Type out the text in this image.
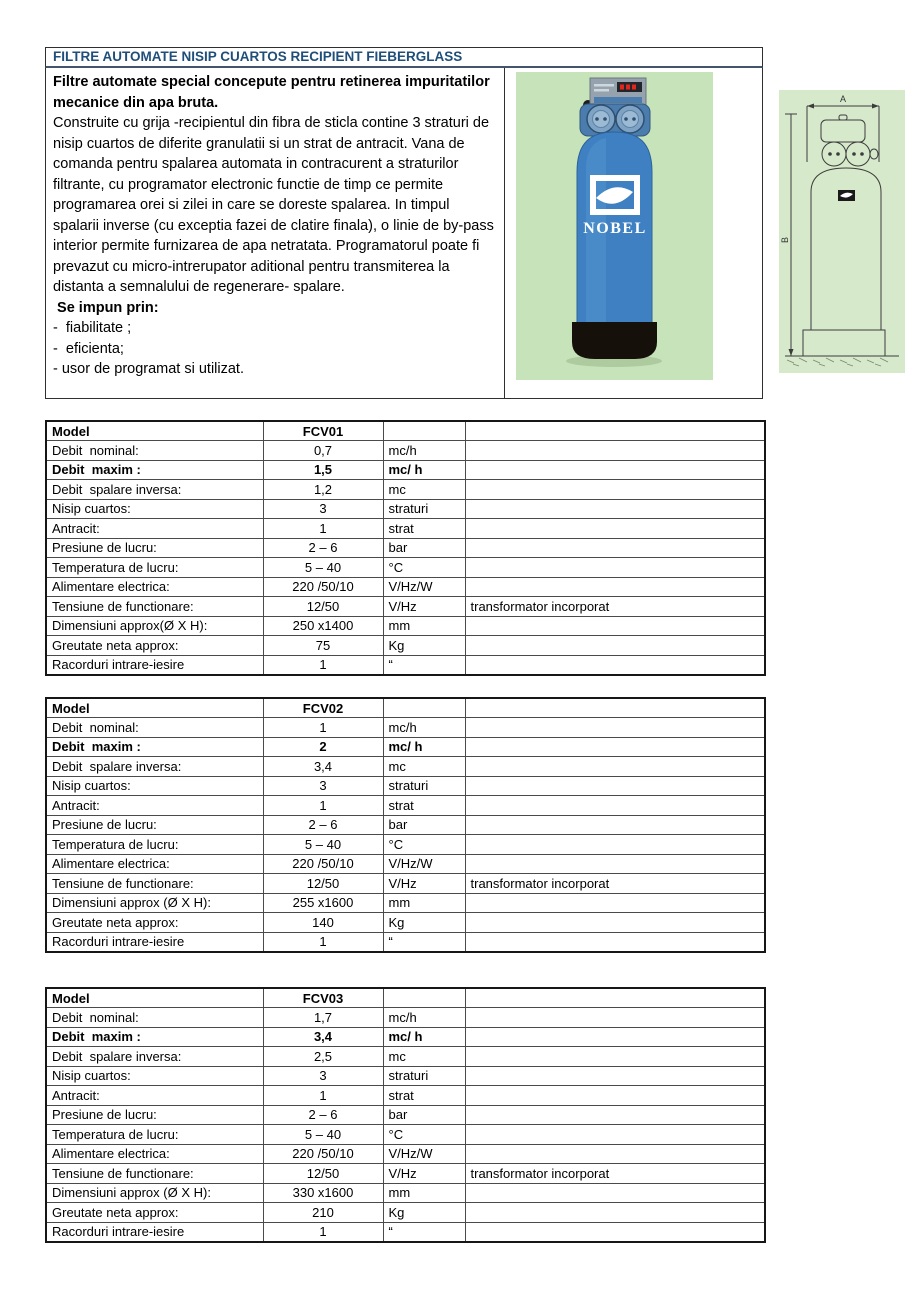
FILTRE AUTOMATE NISIP CUARTOS RECIPIENT FIEBERGLASS
Filtre automate special concepute pentru retinerea impuritatilor mecanice din apa bruta.
Construite cu grija -recipientul din fibra de sticla contine 3 straturi de nisip cuartos de diferite granulatii si un strat de antracit. Vana de comanda pentru spalarea automata in contracurent a straturilor filtrante, cu programator electronic functie de timp ce permite programarea orei si zilei in care se doreste spalarea. In timpul spalarii inverse (cu exceptia fazei de clatire finala), o linie de by-pass interior permite furnizarea de apa netratata. Programatorul poate fi prevazut cu micro-intrerupator aditional pentru transmiterea la distanta a semnalului de regenerare- spalare.
Se impun prin:
-  fiabilitate ;
-  eficienta;
- usor de programat si utilizat.
NOBEL
A
B
Model	FCV01		
Debit  nominal:	0,7	mc/h	
Debit  maxim :	1,5	mc/ h	
Debit  spalare inversa:	1,2	mc	
Nisip cuartos:	3	straturi	
Antracit:	1	strat	
Presiune de lucru:	2 – 6	bar	
Temperatura de lucru:	5 – 40	°C	
Alimentare electrica:	220 /50/10	V/Hz/W	
Tensiune de functionare:	12/50	V/Hz	transformator incorporat
Dimensiuni approx(Ø X H):	250 x1400	mm	
Greutate neta approx:	75	Kg	
Racorduri intrare-iesire	1	“	
Model	FCV02		
Debit  nominal:	1	mc/h	
Debit  maxim :	2	mc/ h	
Debit  spalare inversa:	3,4	mc	
Nisip cuartos:	3	straturi	
Antracit:	1	strat	
Presiune de lucru:	2 – 6	bar	
Temperatura de lucru:	5 – 40	°C	
Alimentare electrica:	220 /50/10	V/Hz/W	
Tensiune de functionare:	12/50	V/Hz	transformator incorporat
Dimensiuni approx (Ø X H):	255 x1600	mm	
Greutate neta approx:	140	Kg	
Racorduri intrare-iesire	1	“	
Model	FCV03		
Debit  nominal:	1,7	mc/h	
Debit  maxim :	3,4	mc/ h	
Debit  spalare inversa:	2,5	mc	
Nisip cuartos:	3	straturi	
Antracit:	1	strat	
Presiune de lucru:	2 – 6	bar	
Temperatura de lucru:	5 – 40	°C	
Alimentare electrica:	220 /50/10	V/Hz/W	
Tensiune de functionare:	12/50	V/Hz	transformator incorporat
Dimensiuni approx (Ø X H):	330 x1600	mm	
Greutate neta approx:	210	Kg	
Racorduri intrare-iesire	1	“	
